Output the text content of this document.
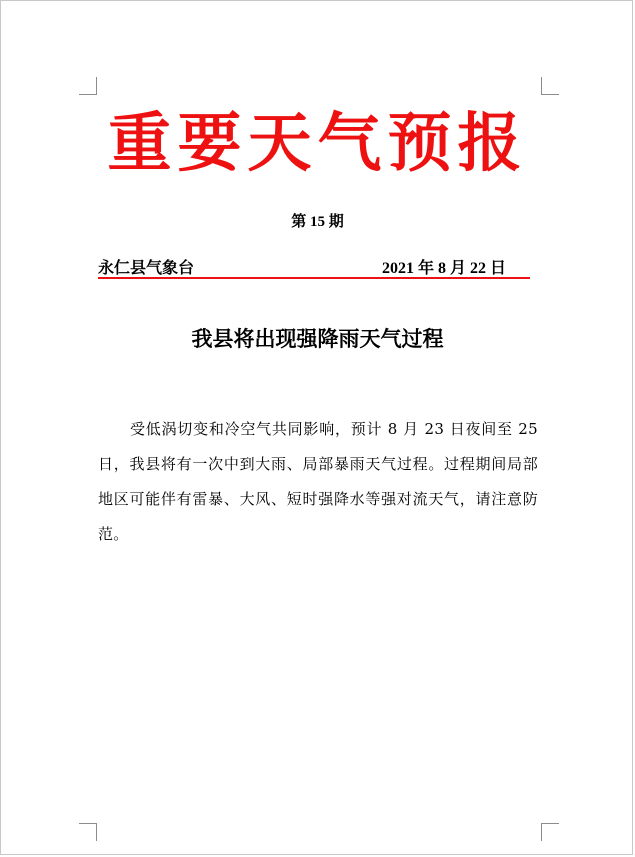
重要天气预报
第 15 期
永仁县气象台	2021 年 8 月 22 日
我县将出现强降雨天气过程

受低涡切变和冷空气共同影响，预计 8 月 23 日夜间至 25 日，我县将有一次中到大雨、局部暴雨天气过程。过程期间局部地区可能伴有雷暴、大风、短时强降水等强对流天气，请注意防范。
